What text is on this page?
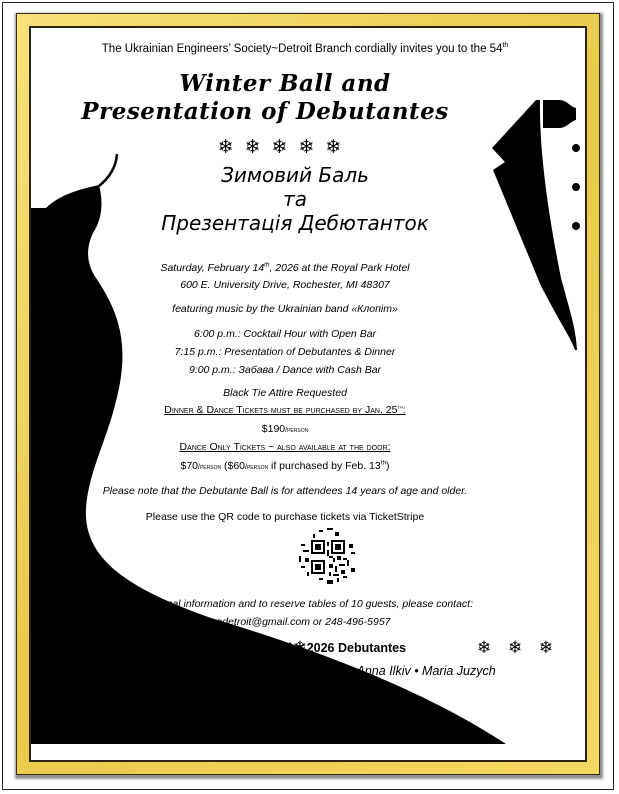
The Ukrainian Engineers’ Society~Detroit Branch cordially invites you to the 54th
Winter Ball and
Presentation of Debutantes
❄❄❄❄❄
Зимовий Баль
та
Презентація Дебютанток
Saturday, February 14th, 2026 at the Royal Park Hotel
600 E. University Drive, Rochester, MI 48307
featuring music by the Ukrainian band «Клопіт»
6:00 p.m.: Cocktail Hour with Open Bar
7:15 p.m.: Presentation of Debutantes & Dinner
9:00 p.m.: Забава / Dance with Cash Bar
Black Tie Attire Requested
Dinner & Dance Tickets must be purchased by Jan. 25th:
$190/person
Dance Only Tickets ~ also available at the door:
$70/person ($60/person if purchased by Feb. 13th)
Please note that the Debutante Ball is for attendees 14 years of age and older.
Please use the QR code to purchase tickets via TicketStripe
For additional information and to reserve tables of 10 guests, please contact:
uesadetroit@gmail.com or 248-496-5957
❄ ❄ ❄
The 2026 Debutantes	❄ ❄ ❄
Kateryna Hlushko • Anna Ilkiv • Maria Juzych
